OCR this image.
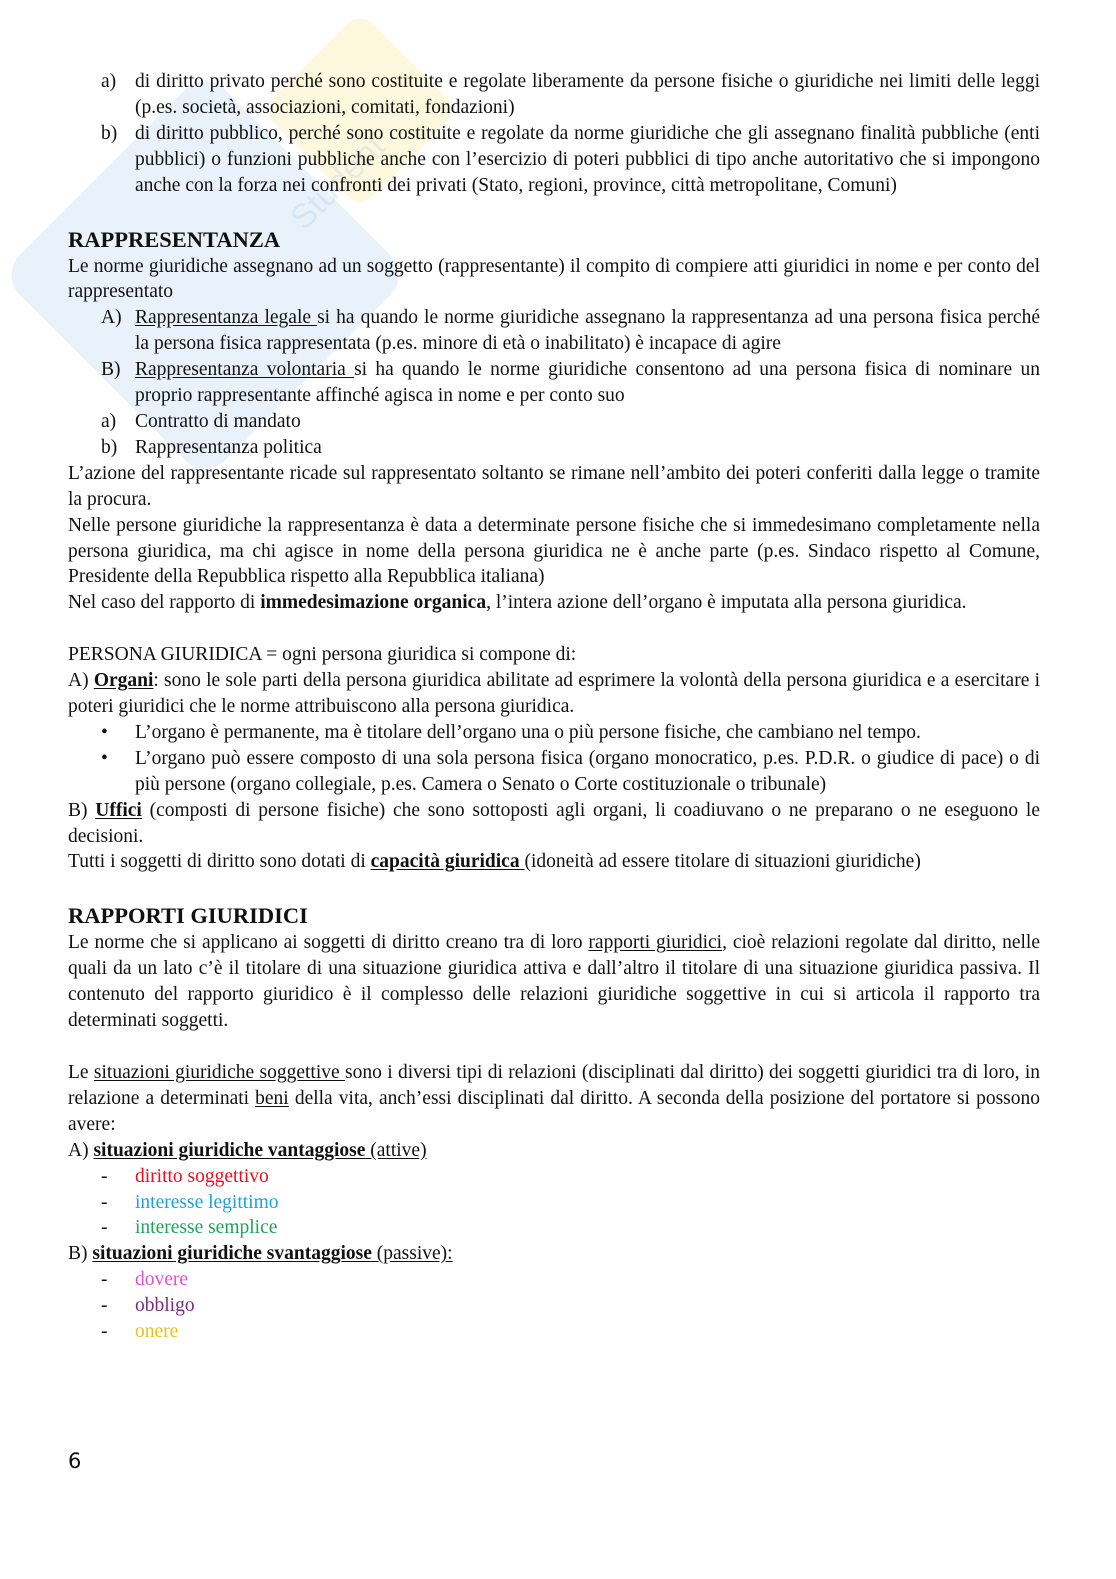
Student
a) di diritto privato perché sono costituite e regolate liberamente da persone fisiche o giuridiche nei limiti delle leggi (p.es. società, associazioni, comitati, fondazioni)
b) di diritto pubblico, perché sono costituite e regolate da norme giuridiche che gli assegnano finalità pubbliche (enti pubblici) o funzioni pubbliche anche con l’esercizio di poteri pubblici di tipo anche autoritativo che si impongono anche con la forza nei confronti dei privati (Stato, regioni, province, città metropolitane, Comuni)
RAPPRESENTANZA

Le norme giuridiche assegnano ad un soggetto (rappresentante) il compito di compiere atti giuridici in nome e per conto del rappresentato

A) Rappresentanza legale si ha quando le norme giuridiche assegnano la rappresentanza ad una persona fisica perché la persona fisica rappresentata (p.es. minore di età o inabilitato) è incapace di agire
B) Rappresentanza volontaria si ha quando le norme giuridiche consentono ad una persona fisica di nominare un proprio rappresentante affinché agisca in nome e per conto suo
a) Contratto di mandato
b) Rappresentanza politica

L’azione del rappresentante ricade sul rappresentato soltanto se rimane nell’ambito dei poteri conferiti dalla legge o tramite la procura.

Nelle persone giuridiche la rappresentanza è data a determinate persone fisiche che si immedesimano completamente nella persona giuridica, ma chi agisce in nome della persona giuridica ne è anche parte (p.es. Sindaco rispetto al Comune, Presidente della Repubblica rispetto alla Repubblica italiana)

Nel caso del rapporto di immedesimazione organica, l’intera azione dell’organo è imputata alla persona giuridica.

PERSONA GIURIDICA = ogni persona giuridica si compone di:

A) Organi: sono le sole parti della persona giuridica abilitate ad esprimere la volontà della persona giuridica e a esercitare i poteri giuridici che le norme attribuiscono alla persona giuridica.

•	L’organo è permanente, ma è titolare dell’organo una o più persone fisiche, che cambiano nel tempo.
•	L’organo può essere composto di una sola persona fisica (organo monocratico, p.es. P.D.R. o giudice di pace) o di più persone (organo collegiale, p.es. Camera o Senato o Corte costituzionale o tribunale)

B) Uffici (composti di persone fisiche) che sono sottoposti agli organi, li coadiuvano o ne preparano o ne eseguono le decisioni.

Tutti i soggetti di diritto sono dotati di capacità giuridica (idoneità ad essere titolare di situazioni giuridiche)

RAPPORTI GIURIDICI

Le norme che si applicano ai soggetti di diritto creano tra di loro rapporti giuridici, cioè relazioni regolate dal diritto, nelle quali da un lato c’è il titolare di una situazione giuridica attiva e dall’altro il titolare di una situazione giuridica passiva. Il contenuto del rapporto giuridico è il complesso delle relazioni giuridiche soggettive in cui si articola il rapporto tra determinati soggetti.

Le situazioni giuridiche soggettive sono i diversi tipi di relazioni (disciplinati dal diritto) dei soggetti giuridici tra di loro, in relazione a determinati beni della vita, anch’essi disciplinati dal diritto. A seconda della posizione del portatore si possono avere:

A) situazioni giuridiche vantaggiose (attive)

-	diritto soggettivo
-	interesse legittimo
-	interesse semplice

B) situazioni giuridiche svantaggiose (passive):

-	dovere
-	obbligo
-	onere
6
